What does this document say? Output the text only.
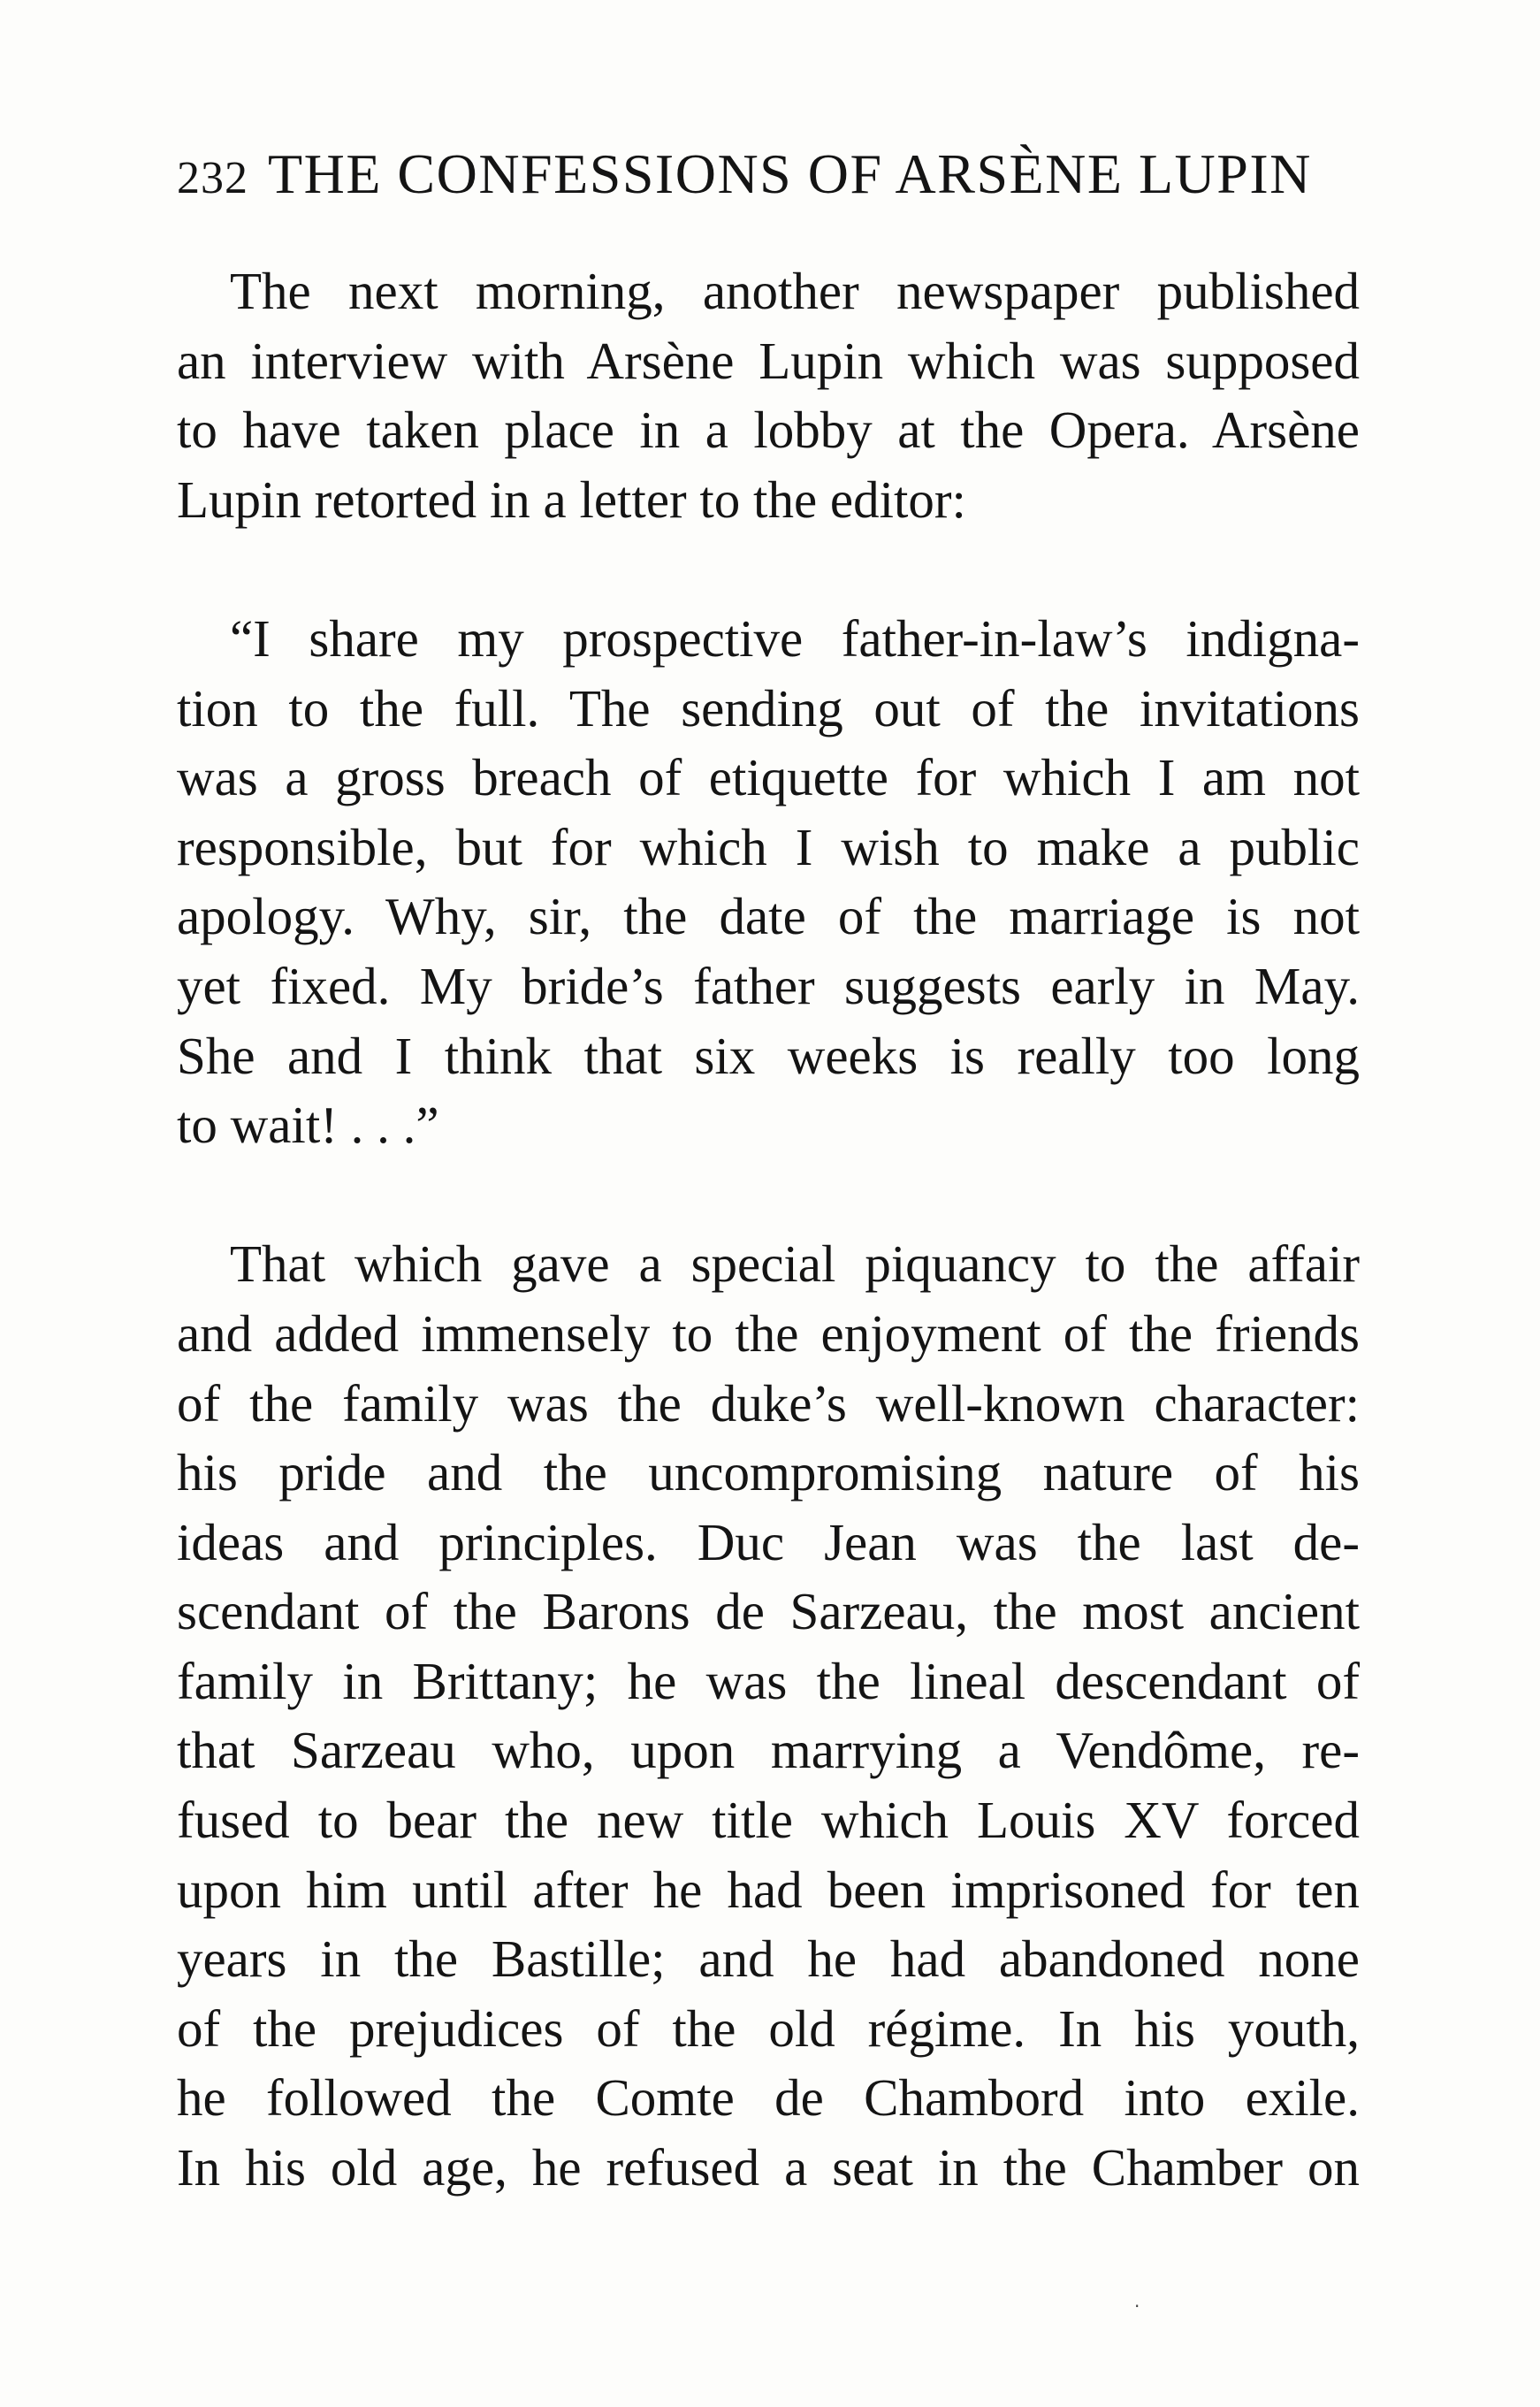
232 THE CONFESSIONS OF ARSÈNE LUPIN

The next morning, another newspaper published
an interview with Arsène Lupin which was supposed
to have taken place in a lobby at the Opera. Arsène
Lupin retorted in a letter to the editor:

“I share my prospective father-in-law’s indigna-
tion to the full. The sending out of the invitations
was a gross breach of etiquette for which I am not
responsible, but for which I wish to make a public
apology. Why, sir, the date of the marriage is not
yet fixed. My bride’s father suggests early in May.
She and I think that six weeks is really too long
to wait! . . .”

That which gave a special piquancy to the affair
and added immensely to the enjoyment of the friends
of the family was the duke’s well-known character:
his pride and the uncompromising nature of his
ideas and principles. Duc Jean was the last de-
scendant of the Barons de Sarzeau, the most ancient
family in Brittany; he was the lineal descendant of
that Sarzeau who, upon marrying a Vendôme, re-
fused to bear the new title which Louis XV forced
upon him until after he had been imprisoned for ten
years in the Bastille; and he had abandoned none
of the prejudices of the old régime. In his youth,
he followed the Comte de Chambord into exile.
In his old age, he refused a seat in the Chamber on

·
